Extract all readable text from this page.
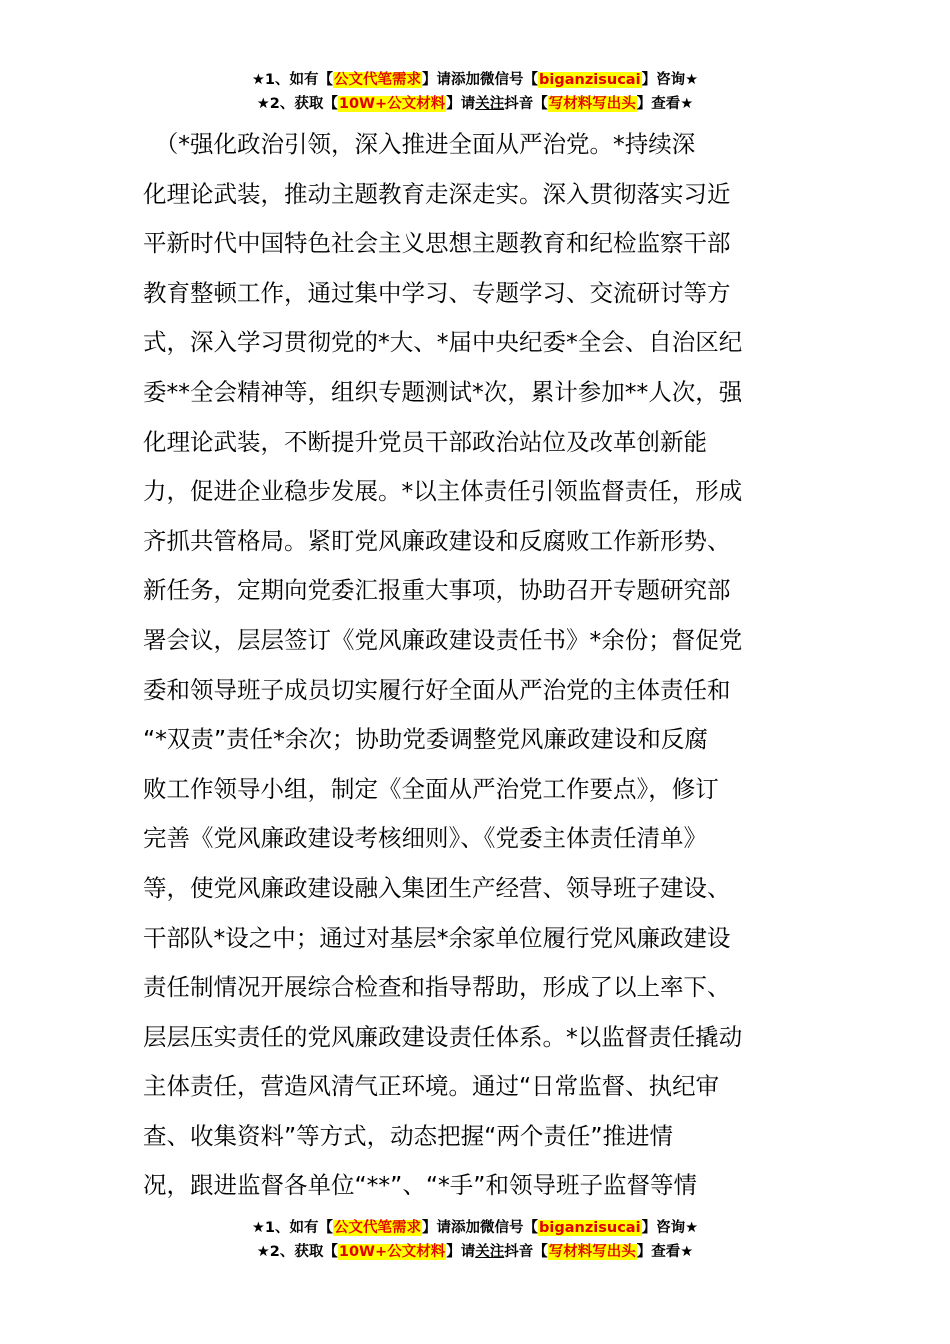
★1、如有【公文代笔需求】请添加微信号【biganzisucai】咨询★
★2、获取【10W+公文材料】请关注抖音【写材料写出头】查看★
　（*强化政治引领，深入推进全面从严治党。*持续深
化理论武装，推动主题教育走深走实。深入贯彻落实习近
平新时代中国特色社会主义思想主题教育和纪检监察干部
教育整顿工作，通过集中学习、专题学习、交流研讨等方
式，深入学习贯彻党的*大、*届中央纪委*全会、自治区纪
委**全会精神等，组织专题测试*次，累计参加**人次，强
化理论武装，不断提升党员干部政治站位及改革创新能
力，促进企业稳步发展。*以主体责任引领监督责任，形成
齐抓共管格局。紧盯党风廉政建设和反腐败工作新形势、
新任务，定期向党委汇报重大事项，协助召开专题研究部
署会议，层层签订《党风廉政建设责任书》*余份；督促党
委和领导班子成员切实履行好全面从严治党的主体责任和
“*双责”责任*余次；协助党委调整党风廉政建设和反腐
败工作领导小组，制定《全面从严治党工作要点》，修订
完善《党风廉政建设考核细则》、《党委主体责任清单》
等，使党风廉政建设融入集团生产经营、领导班子建设、
干部队*设之中；通过对基层*余家单位履行党风廉政建设
责任制情况开展综合检查和指导帮助，形成了以上率下、
层层压实责任的党风廉政建设责任体系。*以监督责任撬动
主体责任，营造风清气正环境。通过“日常监督、执纪审
查、收集资料”等方式，动态把握“两个责任”推进情
况，跟进监督各单位“**”、“*手”和领导班子监督等情
★1、如有【公文代笔需求】请添加微信号【biganzisucai】咨询★
★2、获取【10W+公文材料】请关注抖音【写材料写出头】查看★
